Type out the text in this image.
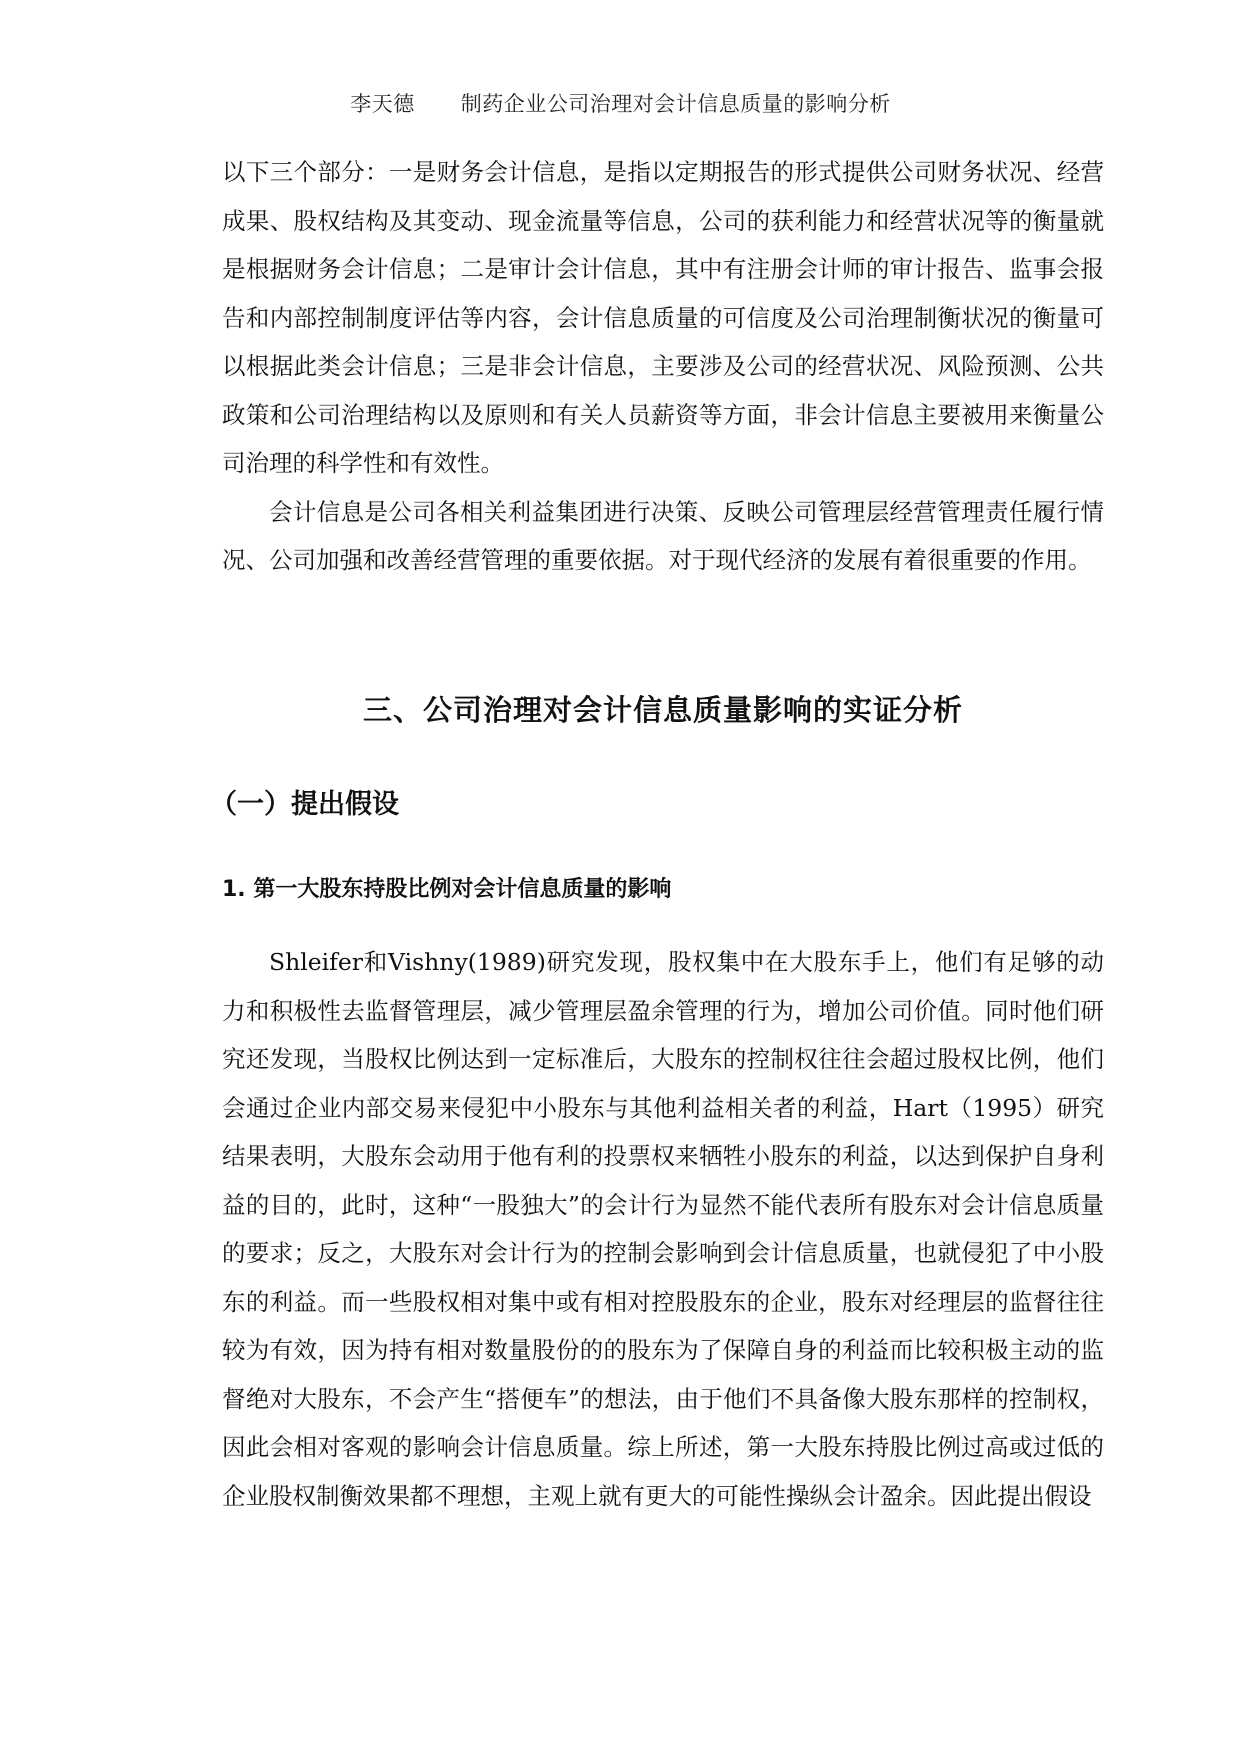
李天德 制药企业公司治理对会计信息质量的影响分析

以下三个部分：一是财务会计信息，是指以定期报告的形式提供公司财务状况、经营成果、股权结构及其变动、现金流量等信息，公司的获利能力和经营状况等的衡量就是根据财务会计信息；二是审计会计信息，其中有注册会计师的审计报告、监事会报告和内部控制制度评估等内容，会计信息质量的可信度及公司治理制衡状况的衡量可以根据此类会计信息；三是非会计信息，主要涉及公司的经营状况、风险预测、公共政策和公司治理结构以及原则和有关人员薪资等方面，非会计信息主要被用来衡量公司治理的科学性和有效性。

会计信息是公司各相关利益集团进行决策、反映公司管理层经营管理责任履行情况、公司加强和改善经营管理的重要依据。对于现代经济的发展有着很重要的作用。

三、公司治理对会计信息质量影响的实证分析
（一）提出假设
1. 第一大股东持股比例对会计信息质量的影响

Shleifer和Vishny(1989)研究发现，股权集中在大股东手上，他们有足够的动力和积极性去监督管理层，减少管理层盈余管理的行为，增加公司价值。同时他们研究还发现，当股权比例达到一定标准后，大股东的控制权往往会超过股权比例，他们会通过企业内部交易来侵犯中小股东与其他利益相关者的利益，Hart（1995）研究结果表明，大股东会动用于他有利的投票权来牺牲小股东的利益，以达到保护自身利益的目的，此时，这种“一股独大”的会计行为显然不能代表所有股东对会计信息质量的要求；反之，大股东对会计行为的控制会影响到会计信息质量，也就侵犯了中小股东的利益。而一些股权相对集中或有相对控股股东的企业，股东对经理层的监督往往较为有效，因为持有相对数量股份的的股东为了保障自身的利益而比较积极主动的监督绝对大股东，不会产生“搭便车”的想法，由于他们不具备像大股东那样的控制权，因此会相对客观的影响会计信息质量。综上所述，第一大股东持股比例过高或过低的企业股权制衡效果都不理想，主观上就有更大的可能性操纵会计盈余。因此提出假设
